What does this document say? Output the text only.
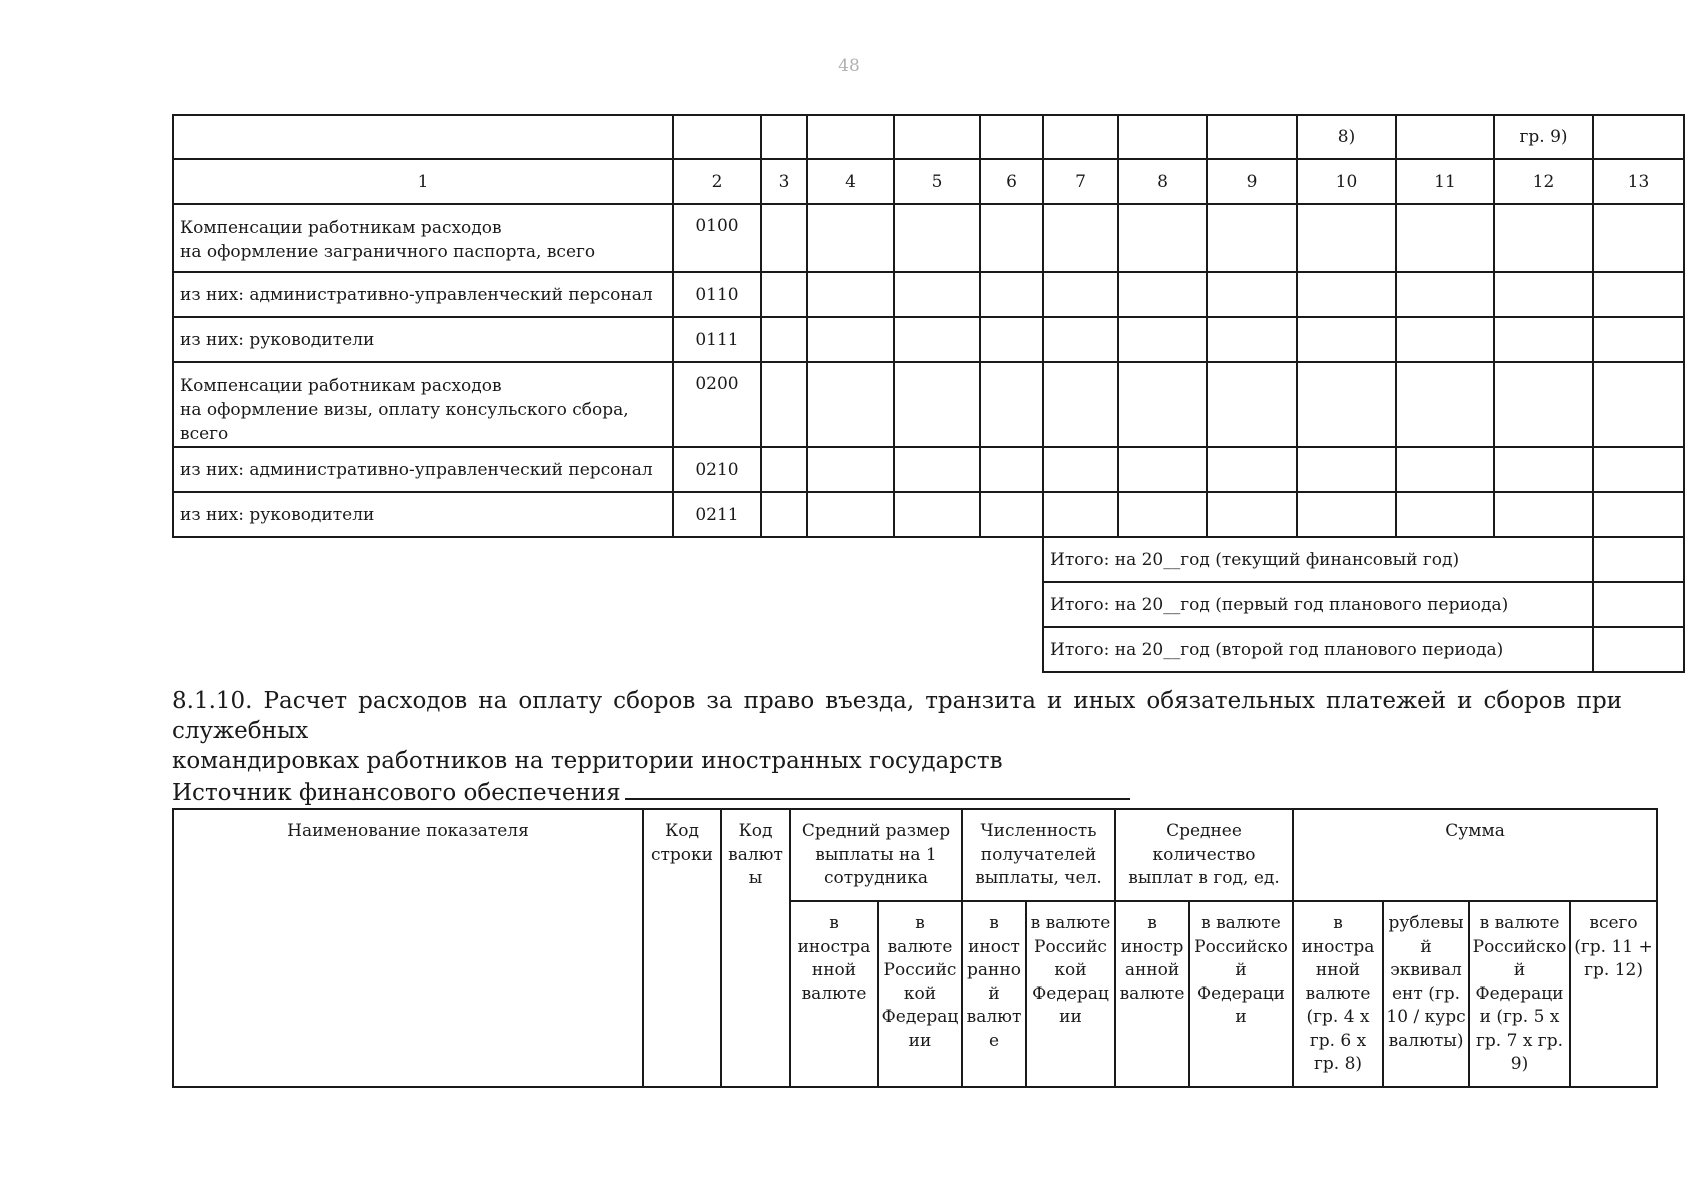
48
									8)		гр. 9)	
1	2	3	4	5	6	7	8	9	10	11	12	13
Компенсации работникам расходов
на оформление заграничного паспорта, всего	0100											
из них: административно-управленческий персонал	0110											
из них: руководители	0111											
Компенсации работникам расходов
на оформление визы, оплату консульского сбора, всего	0200											
из них: административно-управленческий персонал	0210											
из них: руководители	0211											
						Итого: на 20__год (текущий финансовый год)						
						Итого: на 20__год (первый год планового периода)						
						Итого: на 20__год (второй год планового периода)						
8.1.10. Расчет расходов на оплату сборов за право въезда, транзита и иных обязательных платежей и сборов при служебных
командировках работников на территории иностранных государств
Источник финансового обеспечения
Наименование показателя	Код строки	Код валюты	Средний размер выплаты на 1 сотрудника		Численность получателей выплаты, чел.		Среднее количество выплат в год, ед.		Сумма			
			в иностранной валюте	в валюте Российской Федерации	в иностранной валюте	в валюте Российской Федерации	в иностранной валюте	в валюте Российской Федерации	в иностранной валюте (гр. 4 х гр. 6 х гр. 8)	рублевый эквивалент (гр. 10 / курс валюты)	в валюте Российской Федерации (гр. 5 х гр. 7 х гр. 9)	всего (гр. 11 + гр. 12)
